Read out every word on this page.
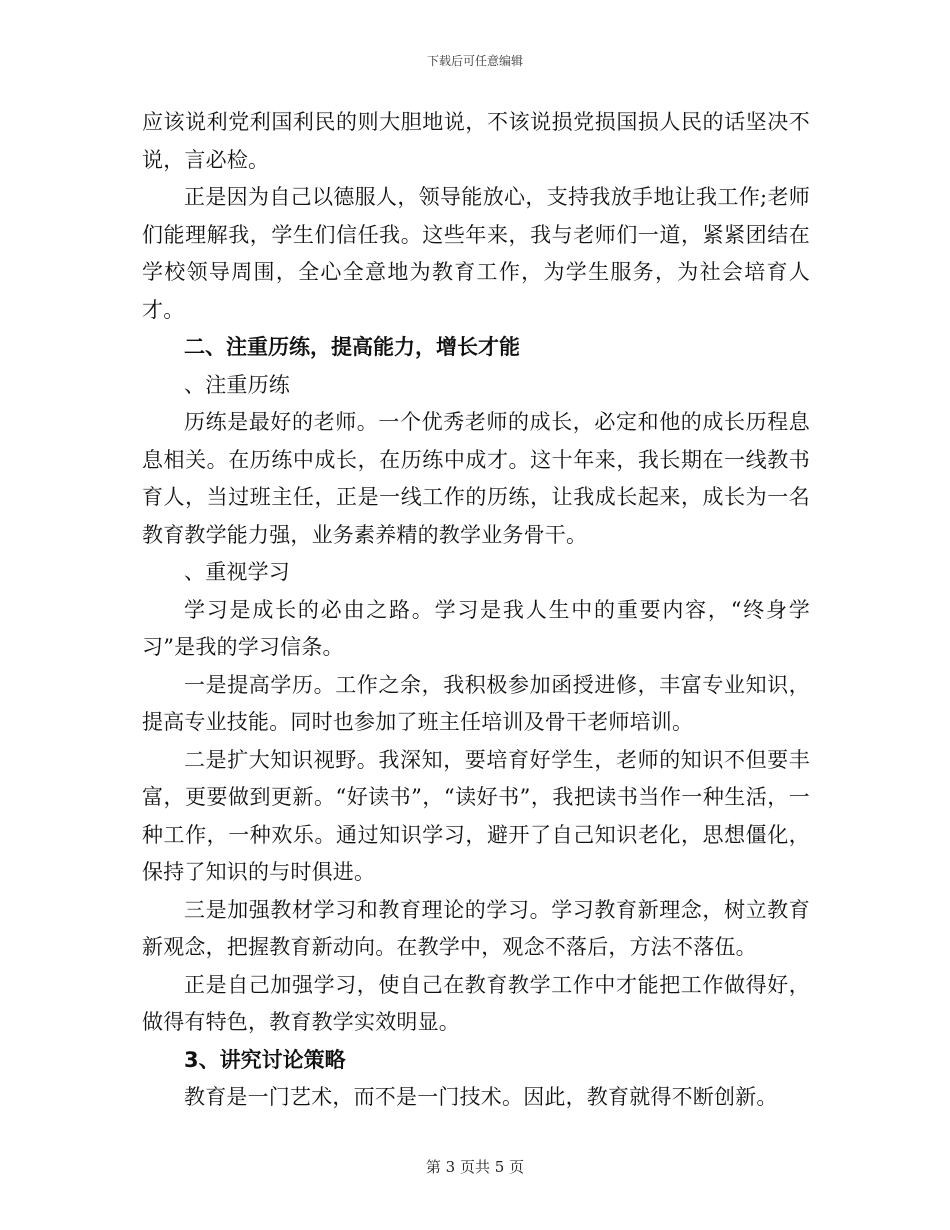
下载后可任意编辑

应该说利党利国利民的则大胆地说，不该说损党损国损人民的话坚决不说，言必检。

正是因为自己以德服人，领导能放心，支持我放手地让我工作;老师们能理解我，学生们信任我。这些年来，我与老师们一道，紧紧团结在学校领导周围，全心全意地为教育工作，为学生服务，为社会培育人才。

二、注重历练，提高能力，增长才能

、注重历练

历练是最好的老师。一个优秀老师的成长，必定和他的成长历程息息相关。在历练中成长，在历练中成才。这十年来，我长期在一线教书育人，当过班主任，正是一线工作的历练，让我成长起来，成长为一名教育教学能力强，业务素养精的教学业务骨干。

、重视学习

学习是成长的必由之路。学习是我人生中的重要内容，“终身学习”是我的学习信条。

一是提高学历。工作之余，我积极参加函授进修，丰富专业知识，提高专业技能。同时也参加了班主任培训及骨干老师培训。

二是扩大知识视野。我深知，要培育好学生，老师的知识不但要丰富，更要做到更新。“好读书”，“读好书”，我把读书当作一种生活，一种工作，一种欢乐。通过知识学习，避开了自己知识老化，思想僵化，保持了知识的与时俱进。

三是加强教材学习和教育理论的学习。学习教育新理念，树立教育新观念，把握教育新动向。在教学中，观念不落后，方法不落伍。

正是自己加强学习，使自己在教育教学工作中才能把工作做得好，做得有特色，教育教学实效明显。

3、讲究讨论策略

教育是一门艺术，而不是一门技术。因此，教育就得不断创新。

第 3 页共 5 页
